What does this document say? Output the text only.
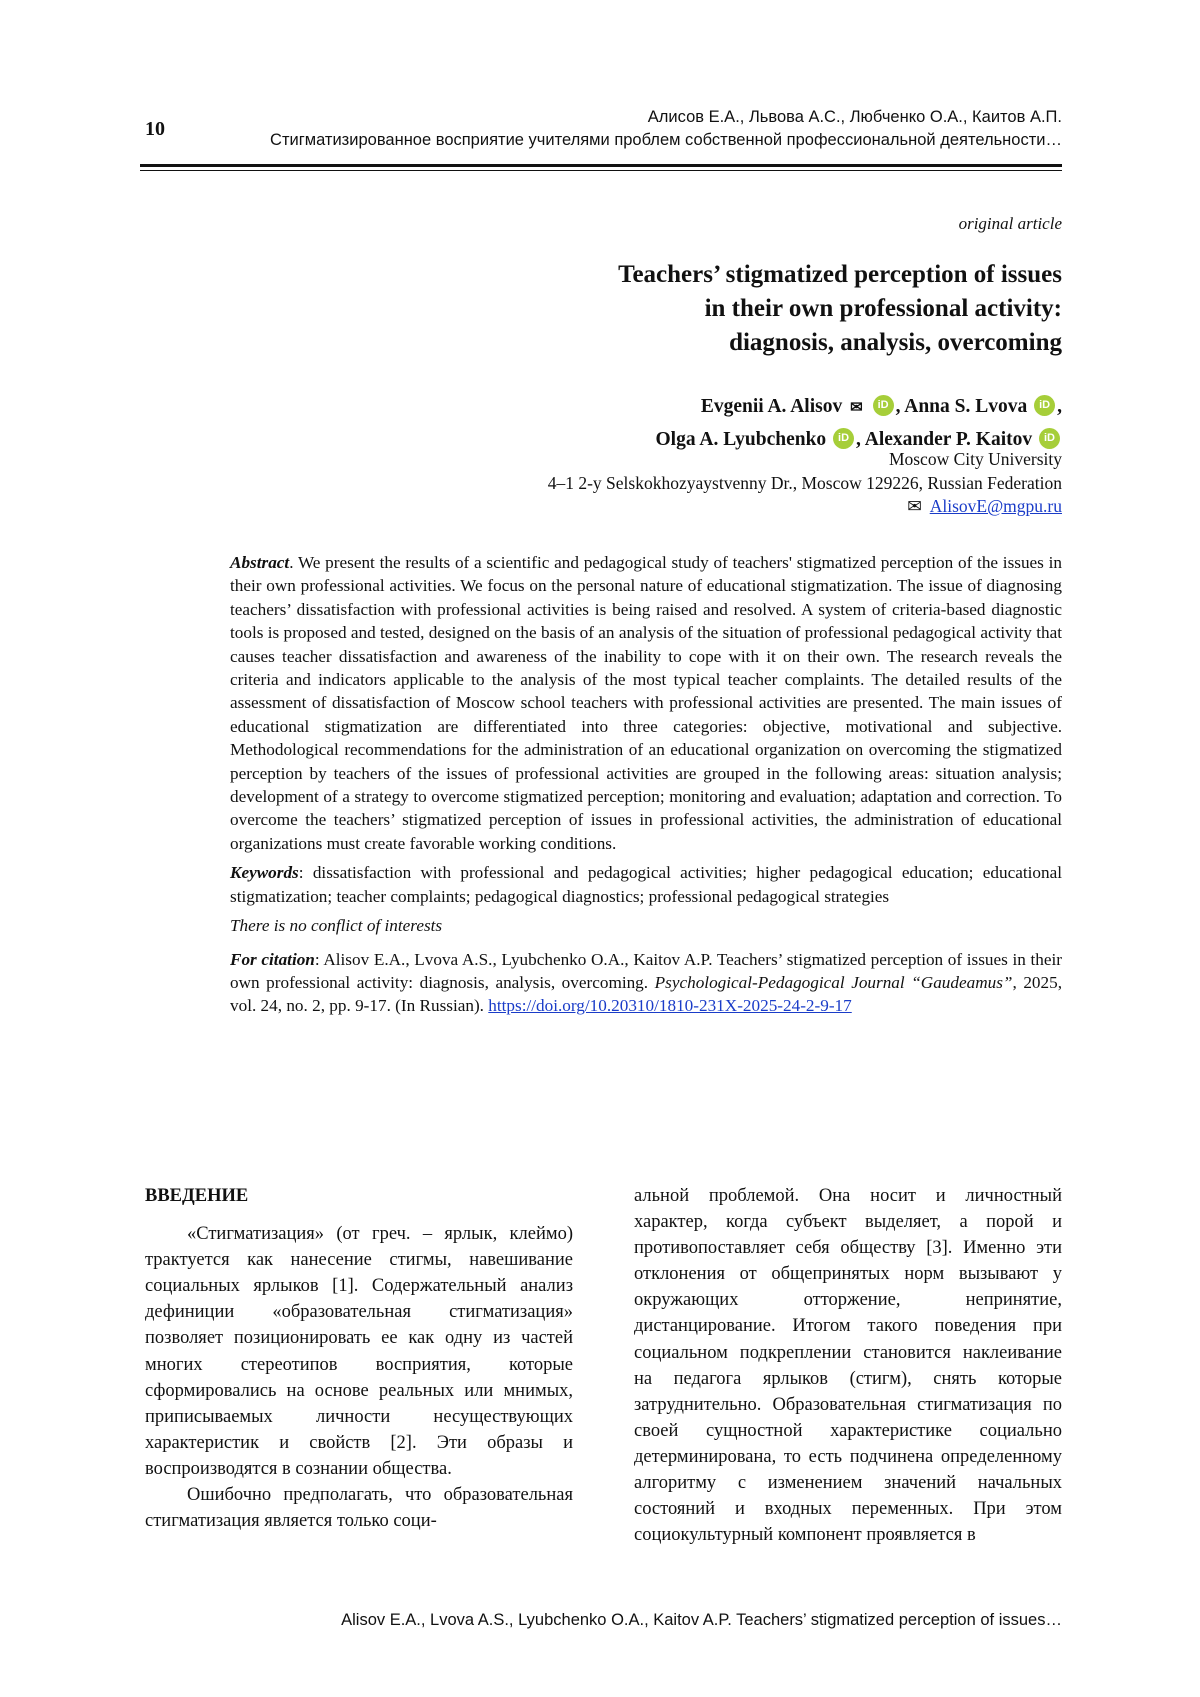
10
Алисов Е.А., Львова А.С., Любченко О.А., Каитов А.П.
Стигматизированное восприятие учителями проблем собственной профессиональной деятельности…
original article
Teachers’ stigmatized perception of issues
in their own professional activity:
diagnosis, analysis, overcoming
Evgenii A. Alisov ✉ iD , Anna S. Lvova iD ,
Olga A. Lyubchenko iD , Alexander P. Kaitov iD
Moscow City University
4–1 2-y Selskokhozyaystvenny Dr., Moscow 129226, Russian Federation
✉ AlisovE@mgpu.ru

Abstract. We present the results of a scientific and pedagogical study of teachers' stigmatized perception of the issues in their own professional activities. We focus on the personal nature of educational stigmatization. The issue of diagnosing teachers’ dissatisfaction with professional activities is being raised and resolved. A system of criteria-based diagnostic tools is proposed and tested, designed on the basis of an analysis of the situation of professional pedagogical activity that causes teacher dissatisfaction and awareness of the inability to cope with it on their own. The research reveals the criteria and indicators applicable to the analysis of the most typical teacher complaints. The detailed results of the assessment of dissatisfaction of Moscow school teachers with professional activities are presented. The main issues of educational stigmatization are differentiated into three categories: objective, motivational and subjective. Methodological recommendations for the administration of an educational organization on overcoming the stigmatized perception by teachers of the issues of professional activities are grouped in the following areas: situation analysis; development of a strategy to overcome stigmatized perception; monitoring and evaluation; adaptation and correction. To overcome the teachers’ stigmatized perception of issues in professional activities, the administration of educational organizations must create favorable working conditions.

Keywords: dissatisfaction with professional and pedagogical activities; higher pedagogical education; educational stigmatization; teacher complaints; pedagogical diagnostics; professional pedagogical strategies

There is no conflict of interests

For citation: Alisov E.A., Lvova A.S., Lyubchenko O.A., Kaitov A.P. Teachers’ stigmatized perception of issues in their own professional activity: diagnosis, analysis, overcoming. Psychological-Pedagogical Journal “Gaudeamus”, 2025, vol. 24, no. 2, pp. 9-17. (In Russian). https://doi.org/10.20310/1810-231X-2025-24-2-9-17

ВВЕДЕНИЕ

«Стигматизация» (от греч. – ярлык, клеймо) трактуется как нанесение стигмы, навешивание социальных ярлыков [1]. Содержательный анализ дефиниции «образовательная стигматизация» позволяет позиционировать ее как одну из частей многих стереотипов восприятия, которые сформировались на основе реальных или мнимых, приписываемых личности несуществующих характеристик и свойств [2]. Эти образы и воспроизводятся в сознании общества.

Ошибочно предполагать, что образовательная стигматизация является только соци-

альной проблемой. Она носит и личностный характер, когда субъект выделяет, а порой и противопоставляет себя обществу [3]. Именно эти отклонения от общепринятых норм вызывают у окружающих отторжение, непринятие, дистанцирование. Итогом такого поведения при социальном подкреплении становится наклеивание на педагога ярлыков (стигм), снять которые затруднительно. Образовательная стигматизация по своей сущностной характеристике социально детерминирована, то есть подчинена определенному алгоритму с изменением значений начальных состояний и входных переменных. При этом социокультурный компонент проявляется в

Alisov E.A., Lvova A.S., Lyubchenko O.A., Kaitov A.P. Teachers’ stigmatized perception of issues…
